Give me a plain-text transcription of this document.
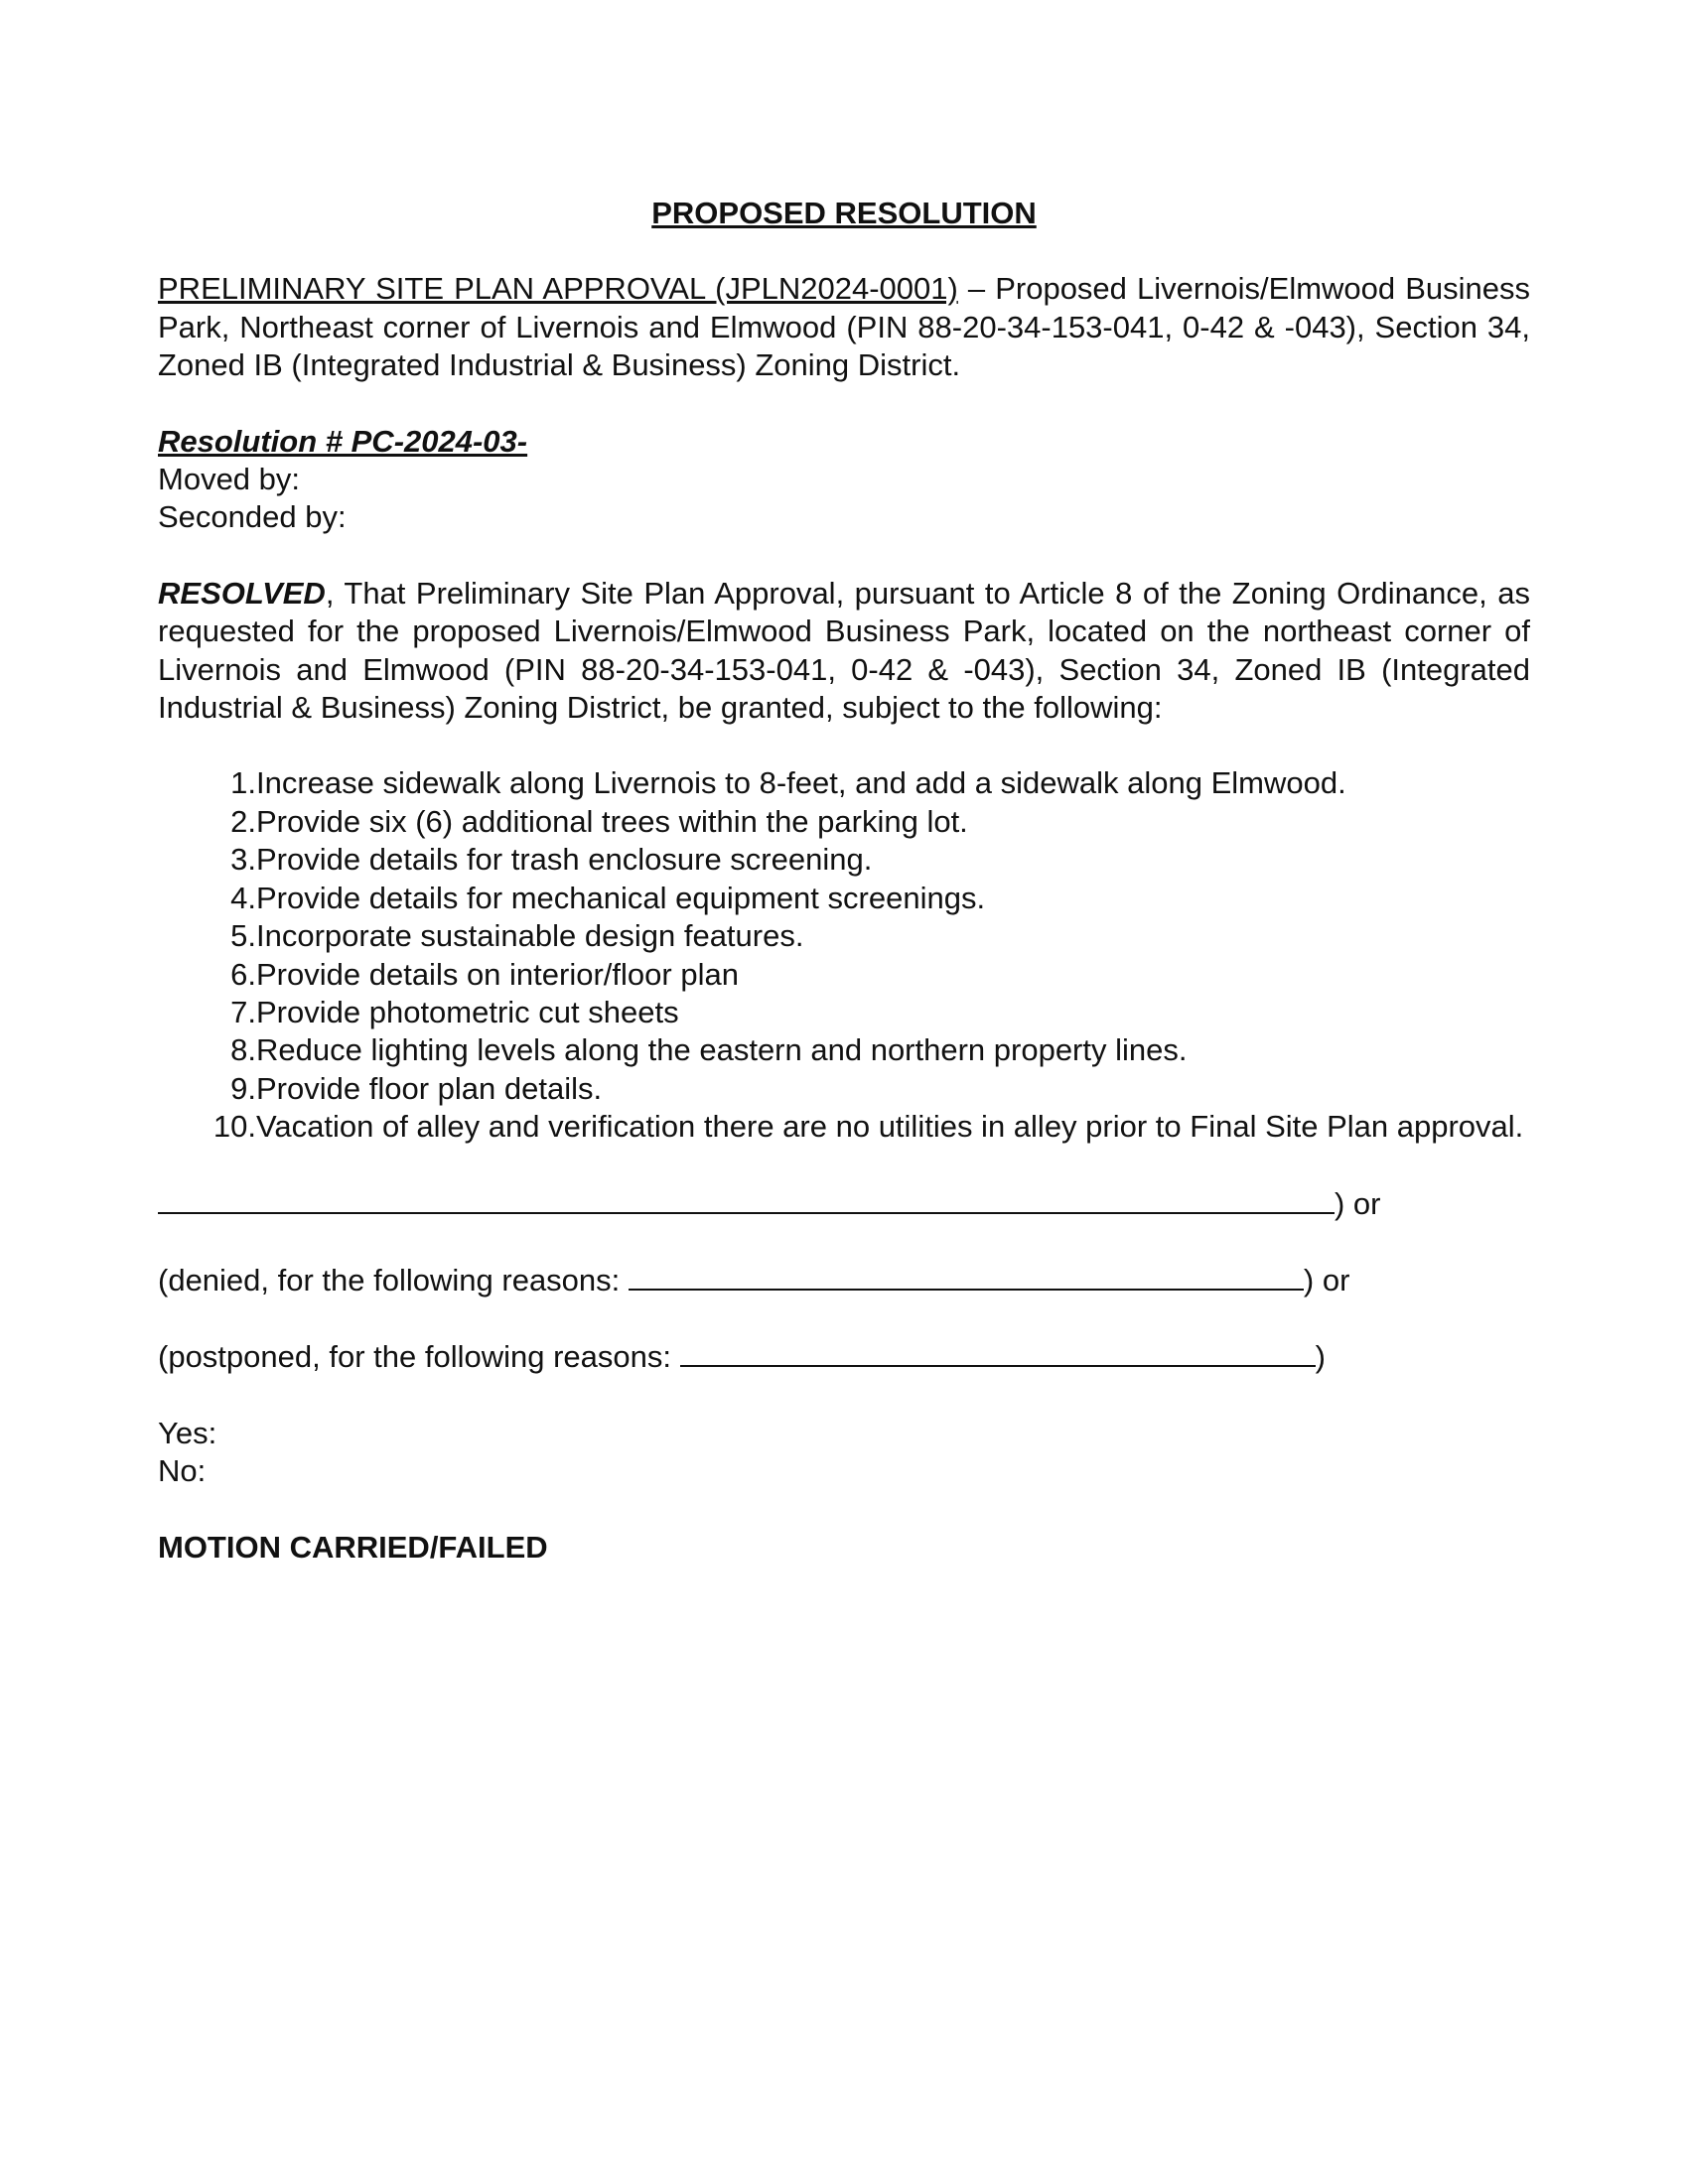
PROPOSED RESOLUTION
PRELIMINARY SITE PLAN APPROVAL (JPLN2024-0001) – Proposed Livernois/Elmwood Business Park, Northeast corner of Livernois and Elmwood (PIN 88-20-34-153-041, 0-42 & -043), Section 34, Zoned IB (Integrated Industrial & Business) Zoning District.
Resolution # PC-2024-03-
Moved by:
Seconded by:
RESOLVED, That Preliminary Site Plan Approval, pursuant to Article 8 of the Zoning Ordinance, as requested for the proposed Livernois/Elmwood Business Park, located on the northeast corner of Livernois and Elmwood (PIN 88-20-34-153-041, 0-42 & -043), Section 34, Zoned IB (Integrated Industrial & Business) Zoning District, be granted, subject to the following:
1. Increase sidewalk along Livernois to 8-feet, and add a sidewalk along Elmwood.
2. Provide six (6) additional trees within the parking lot.
3. Provide details for trash enclosure screening.
4. Provide details for mechanical equipment screenings.
5. Incorporate sustainable design features.
6. Provide details on interior/floor plan
7. Provide photometric cut sheets
8. Reduce lighting levels along the eastern and northern property lines.
9. Provide floor plan details.
10. Vacation of alley and verification there are no utilities in alley prior to Final Site Plan approval.
) or
(denied, for the following reasons:	) or
(postponed, for the following reasons:	)
Yes:
No:
MOTION CARRIED/FAILED
